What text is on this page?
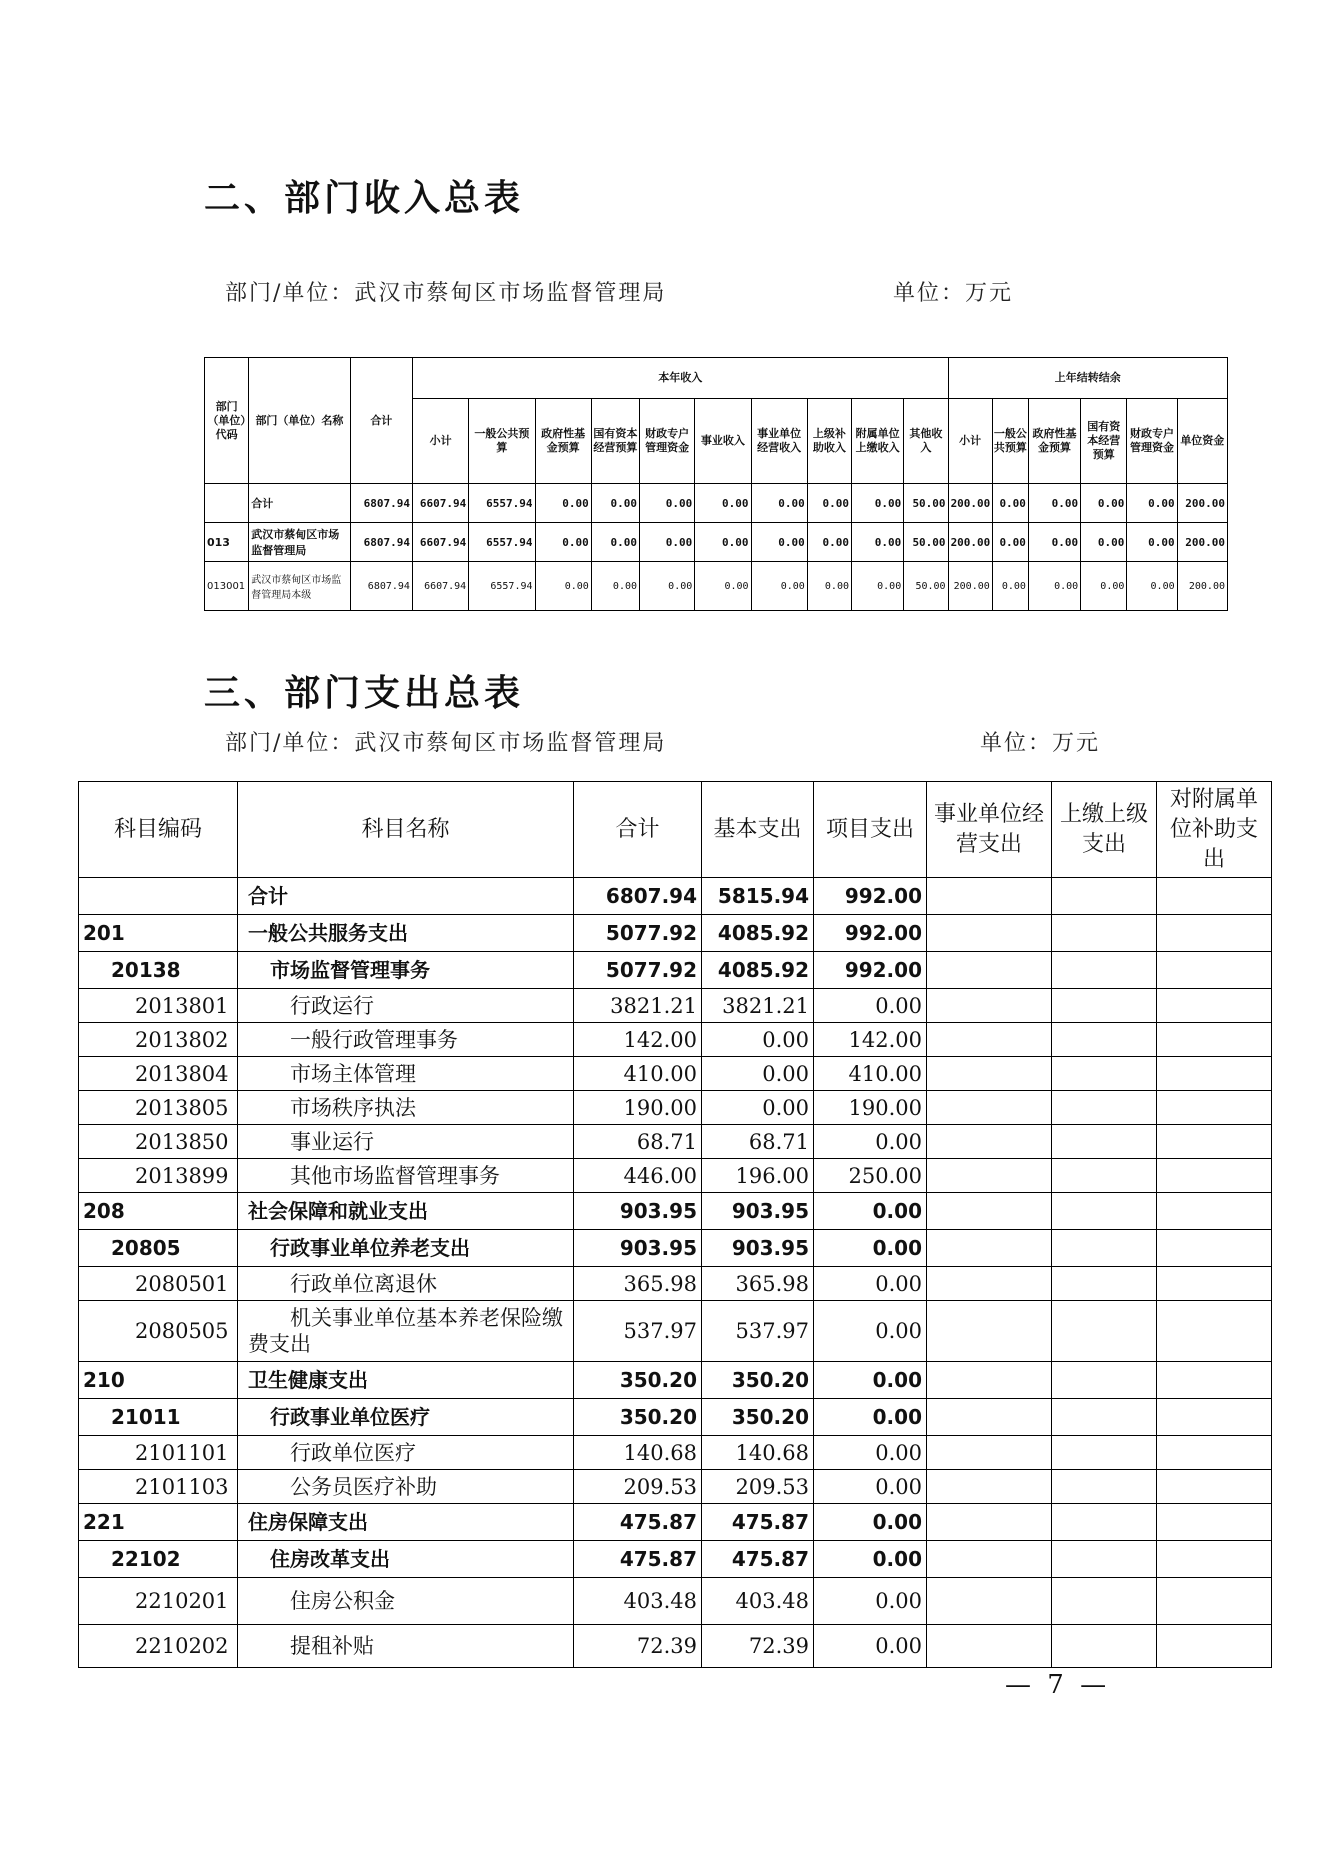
二、部门收入总表
部门/单位：武汉市蔡甸区市场监督管理局	单位：万元
部门（单位）代码	部门（单位）名称	合计	本年收入										上年结转结余					
			小计	一般公共预算	政府性基金预算	国有资本经营预算	财政专户管理资金	事业收入	事业单位经营收入	上级补助收入	附属单位上缴收入	其他收入	小计	一般公共预算	政府性基金预算	国有资本经营预算	财政专户管理资金	单位资金
	合计	6807.94	6607.94	6557.94	0.00	0.00	0.00	0.00	0.00	0.00	0.00	50.00	200.00	0.00	0.00	0.00	0.00	200.00
013	武汉市蔡甸区市场监督管理局	6807.94	6607.94	6557.94	0.00	0.00	0.00	0.00	0.00	0.00	0.00	50.00	200.00	0.00	0.00	0.00	0.00	200.00
013001	武汉市蔡甸区市场监督管理局本级	6807.94	6607.94	6557.94	0.00	0.00	0.00	0.00	0.00	0.00	0.00	50.00	200.00	0.00	0.00	0.00	0.00	200.00
三、部门支出总表
部门/单位：武汉市蔡甸区市场监督管理局	单位：万元
科目编码	科目名称	合计	基本支出	项目支出	事业单位经营支出	上缴上级支出	对附属单位补助支出
	合计	6807.94	5815.94	992.00			
201	一般公共服务支出	5077.92	4085.92	992.00			
20138	市场监督管理事务	5077.92	4085.92	992.00			
2013801	行政运行	3821.21	3821.21	0.00			
2013802	一般行政管理事务	142.00	0.00	142.00			
2013804	市场主体管理	410.00	0.00	410.00			
2013805	市场秩序执法	190.00	0.00	190.00			
2013850	事业运行	68.71	68.71	0.00			
2013899	其他市场监督管理事务	446.00	196.00	250.00			
208	社会保障和就业支出	903.95	903.95	0.00			
20805	行政事业单位养老支出	903.95	903.95	0.00			
2080501	行政单位离退休	365.98	365.98	0.00			
2080505	机关事业单位基本养老保险缴费支出	537.97	537.97	0.00			
210	卫生健康支出	350.20	350.20	0.00			
21011	行政事业单位医疗	350.20	350.20	0.00			
2101101	行政单位医疗	140.68	140.68	0.00			
2101103	公务员医疗补助	209.53	209.53	0.00			
221	住房保障支出	475.87	475.87	0.00			
22102	住房改革支出	475.87	475.87	0.00			
2210201	住房公积金	403.48	403.48	0.00			
2210202	提租补贴	72.39	72.39	0.00			
— 7 —
